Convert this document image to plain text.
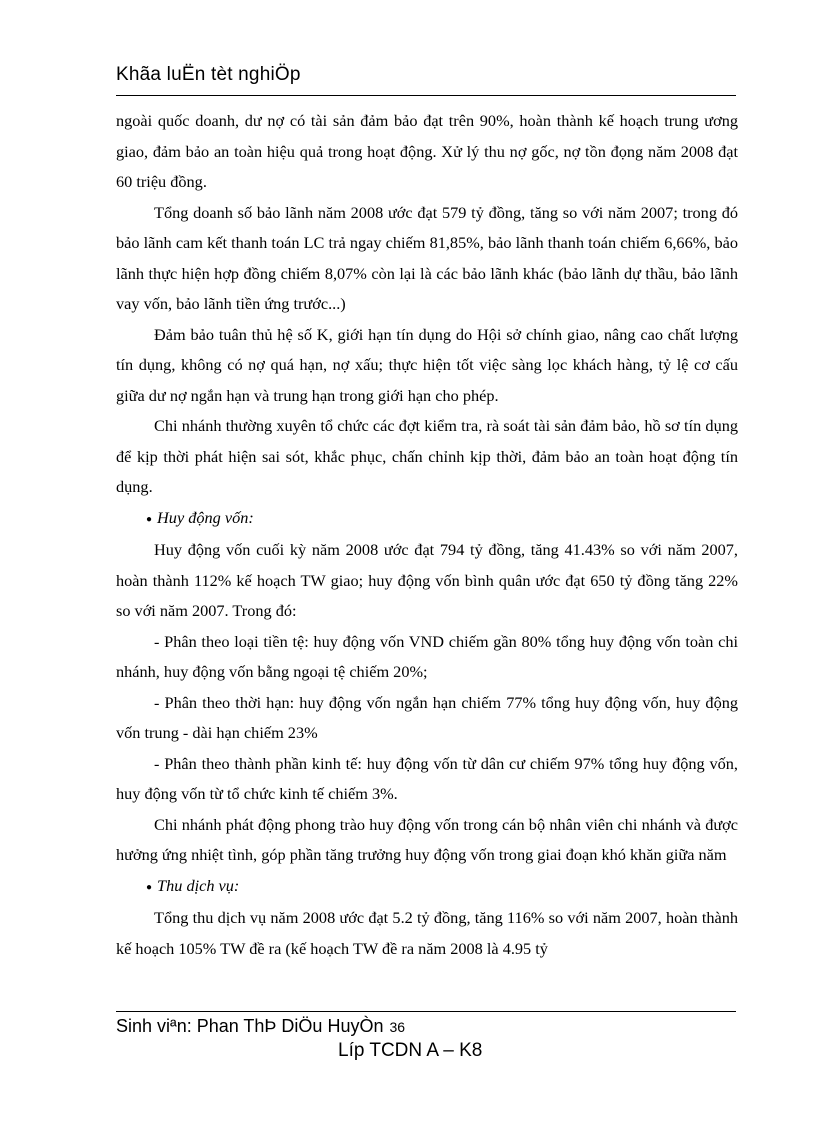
Khãa luËn tèt nghiÖp

ngoài quốc doanh, dư nợ có tài sản đảm bảo đạt trên 90%, hoàn thành kế hoạch trung ương giao, đảm bảo an toàn hiệu quả trong hoạt động. Xử lý thu nợ gốc, nợ tồn đọng năm 2008 đạt 60 triệu đồng.

Tổng doanh số bảo lãnh năm 2008 ước đạt 579 tỷ đồng, tăng so với năm 2007; trong đó bảo lãnh cam kết thanh toán LC trả ngay chiếm 81,85%, bảo lãnh thanh toán chiếm 6,66%, bảo lãnh thực hiện hợp đồng chiếm 8,07% còn lại là các bảo lãnh khác (bảo lãnh dự thầu, bảo lãnh vay vốn, bảo lãnh tiền ứng trước...)

Đảm bảo tuân thủ hệ số K, giới hạn tín dụng do Hội sở chính giao, nâng cao chất lượng tín dụng, không có nợ quá hạn, nợ xấu; thực hiện tốt việc sàng lọc khách hàng, tỷ lệ cơ cấu giữa dư nợ ngắn hạn và trung hạn trong giới hạn cho phép.

Chi nhánh thường xuyên tổ chức các đợt kiểm tra, rà soát tài sản đảm bảo, hồ sơ tín dụng để kịp thời phát hiện sai sót, khắc phục, chấn chỉnh kịp thời, đảm bảo an toàn hoạt động tín dụng.

● Huy động vốn:

Huy động vốn cuối kỳ năm 2008 ước đạt 794 tỷ đồng, tăng 41.43% so với năm 2007, hoàn thành 112% kế hoạch TW giao; huy động vốn bình quân ước đạt 650 tỷ đồng tăng 22% so với năm 2007. Trong đó:

- Phân theo loại tiền tệ: huy động vốn VND chiếm gần 80% tổng huy động vốn toàn chi nhánh, huy động vốn bằng ngoại tệ chiếm 20%;

- Phân theo thời hạn: huy động vốn ngắn hạn chiếm 77% tổng huy động vốn, huy động vốn trung - dài hạn chiếm 23%

- Phân theo thành phần kinh tế: huy động vốn từ dân cư chiếm 97% tổng huy động vốn, huy động vốn từ tổ chức kinh tế chiếm 3%.

Chi nhánh phát động phong trào huy động vốn trong cán bộ nhân viên chi nhánh và được hưởng ứng nhiệt tình, góp phần tăng trưởng huy động vốn trong giai đoạn khó khăn giữa năm

● Thu dịch vụ:

Tổng thu dịch vụ năm 2008 ước đạt 5.2 tỷ đồng, tăng 116% so với năm 2007, hoàn thành kế hoạch 105% TW đề ra (kế hoạch TW đề ra năm 2008 là 4.95 tỷ

Sinh viªn: Phan ThÞ DiÖu HuyÒn 36
Líp TCDN A – K8
